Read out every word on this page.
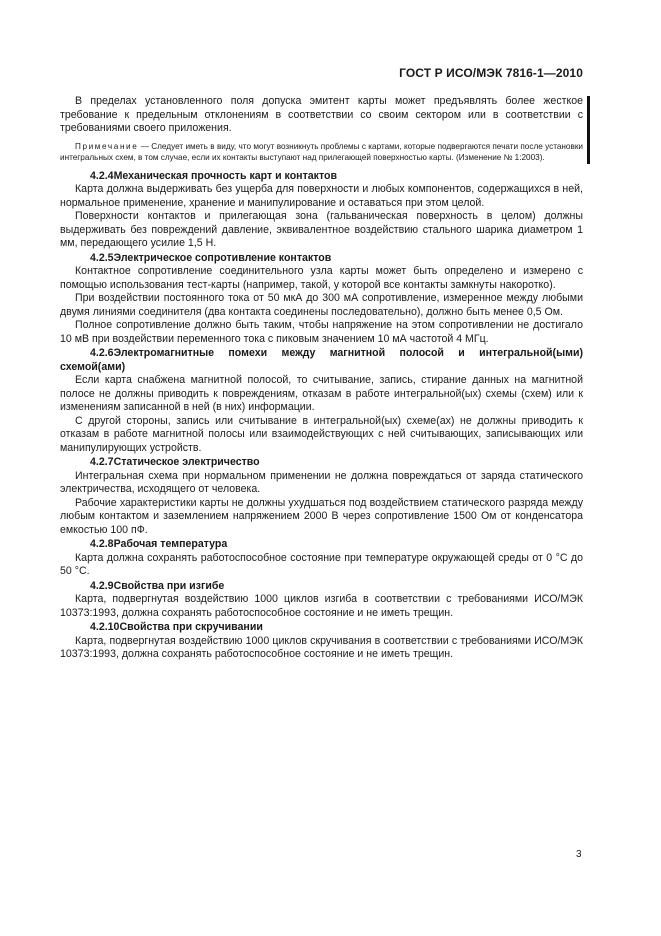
ГОСТ Р ИСО/МЭК 7816-1—2010

В пределах установленного поля допуска эмитент карты может предъявлять более жесткое требование к предельным отклонениям в соответствии со своим сектором или в соответствии с требованиями своего приложения.

Примечание — Следует иметь в виду, что могут возникнуть проблемы с картами, которые подвергаются печати после установки интегральных схем, в том случае, если их контакты выступают над прилегающей поверхностью карты. (Изменение № 1:2003).

4.2.4Механическая прочность карт и контактов

Карта должна выдерживать без ущерба для поверхности и любых компонентов, содержащихся в ней, нормальное применение, хранение и манипулирование и оставаться при этом целой.

Поверхности контактов и прилегающая зона (гальваническая поверхность в целом) должны выдерживать без повреждений давление, эквивалентное воздействию стального шарика диаметром 1 мм, передающего усилие 1,5 Н.

4.2.5Электрическое сопротивление контактов

Контактное сопротивление соединительного узла карты может быть определено и измерено с помощью использования тест-карты (например, такой, у которой все контакты замкнуты накоротко).

При воздействии постоянного тока от 50 мкА до 300 мА сопротивление, измеренное между любыми двумя линиями соединителя (два контакта соединены последовательно), должно быть менее 0,5 Ом.

Полное сопротивление должно быть таким, чтобы напряжение на этом сопротивлении не достигало 10 мВ при воздействии переменного тока с пиковым значением 10 мА частотой 4 МГц.

4.2.6Электромагнитные помехи между магнитной полосой и интегральной(ыми) схемой(ами)

Если карта снабжена магнитной полосой, то считывание, запись, стирание данных на магнитной полосе не должны приводить к повреждениям, отказам в работе интегральной(ых) схемы (схем) или к изменениям записанной в ней (в них) информации.

С другой стороны, запись или считывание в интегральной(ых) схеме(ах) не должны приводить к отказам в работе магнитной полосы или взаимодействующих с ней считывающих, записывающих или манипулирующих устройств.

4.2.7Статическое электричество

Интегральная схема при нормальном применении не должна повреждаться от заряда статического электричества, исходящего от человека.

Рабочие характеристики карты не должны ухудшаться под воздействием статического разряда между любым контактом и заземлением напряжением 2000 В через сопротивление 1500 Ом от конденсатора емкостью 100 пФ.

4.2.8Рабочая температура

Карта должна сохранять работоспособное состояние при температуре окружающей среды от 0 °С до 50 °С.

4.2.9Свойства при изгибе

Карта, подвергнутая воздействию 1000 циклов изгиба в соответствии с требованиями ИСО/МЭК 10373:1993, должна сохранять работоспособное состояние и не иметь трещин.

4.2.10Свойства при скручивании

Карта, подвергнутая воздействию 1000 циклов скручивания в соответствии с требованиями ИСО/МЭК 10373:1993, должна сохранять работоспособное состояние и не иметь трещин.

3
